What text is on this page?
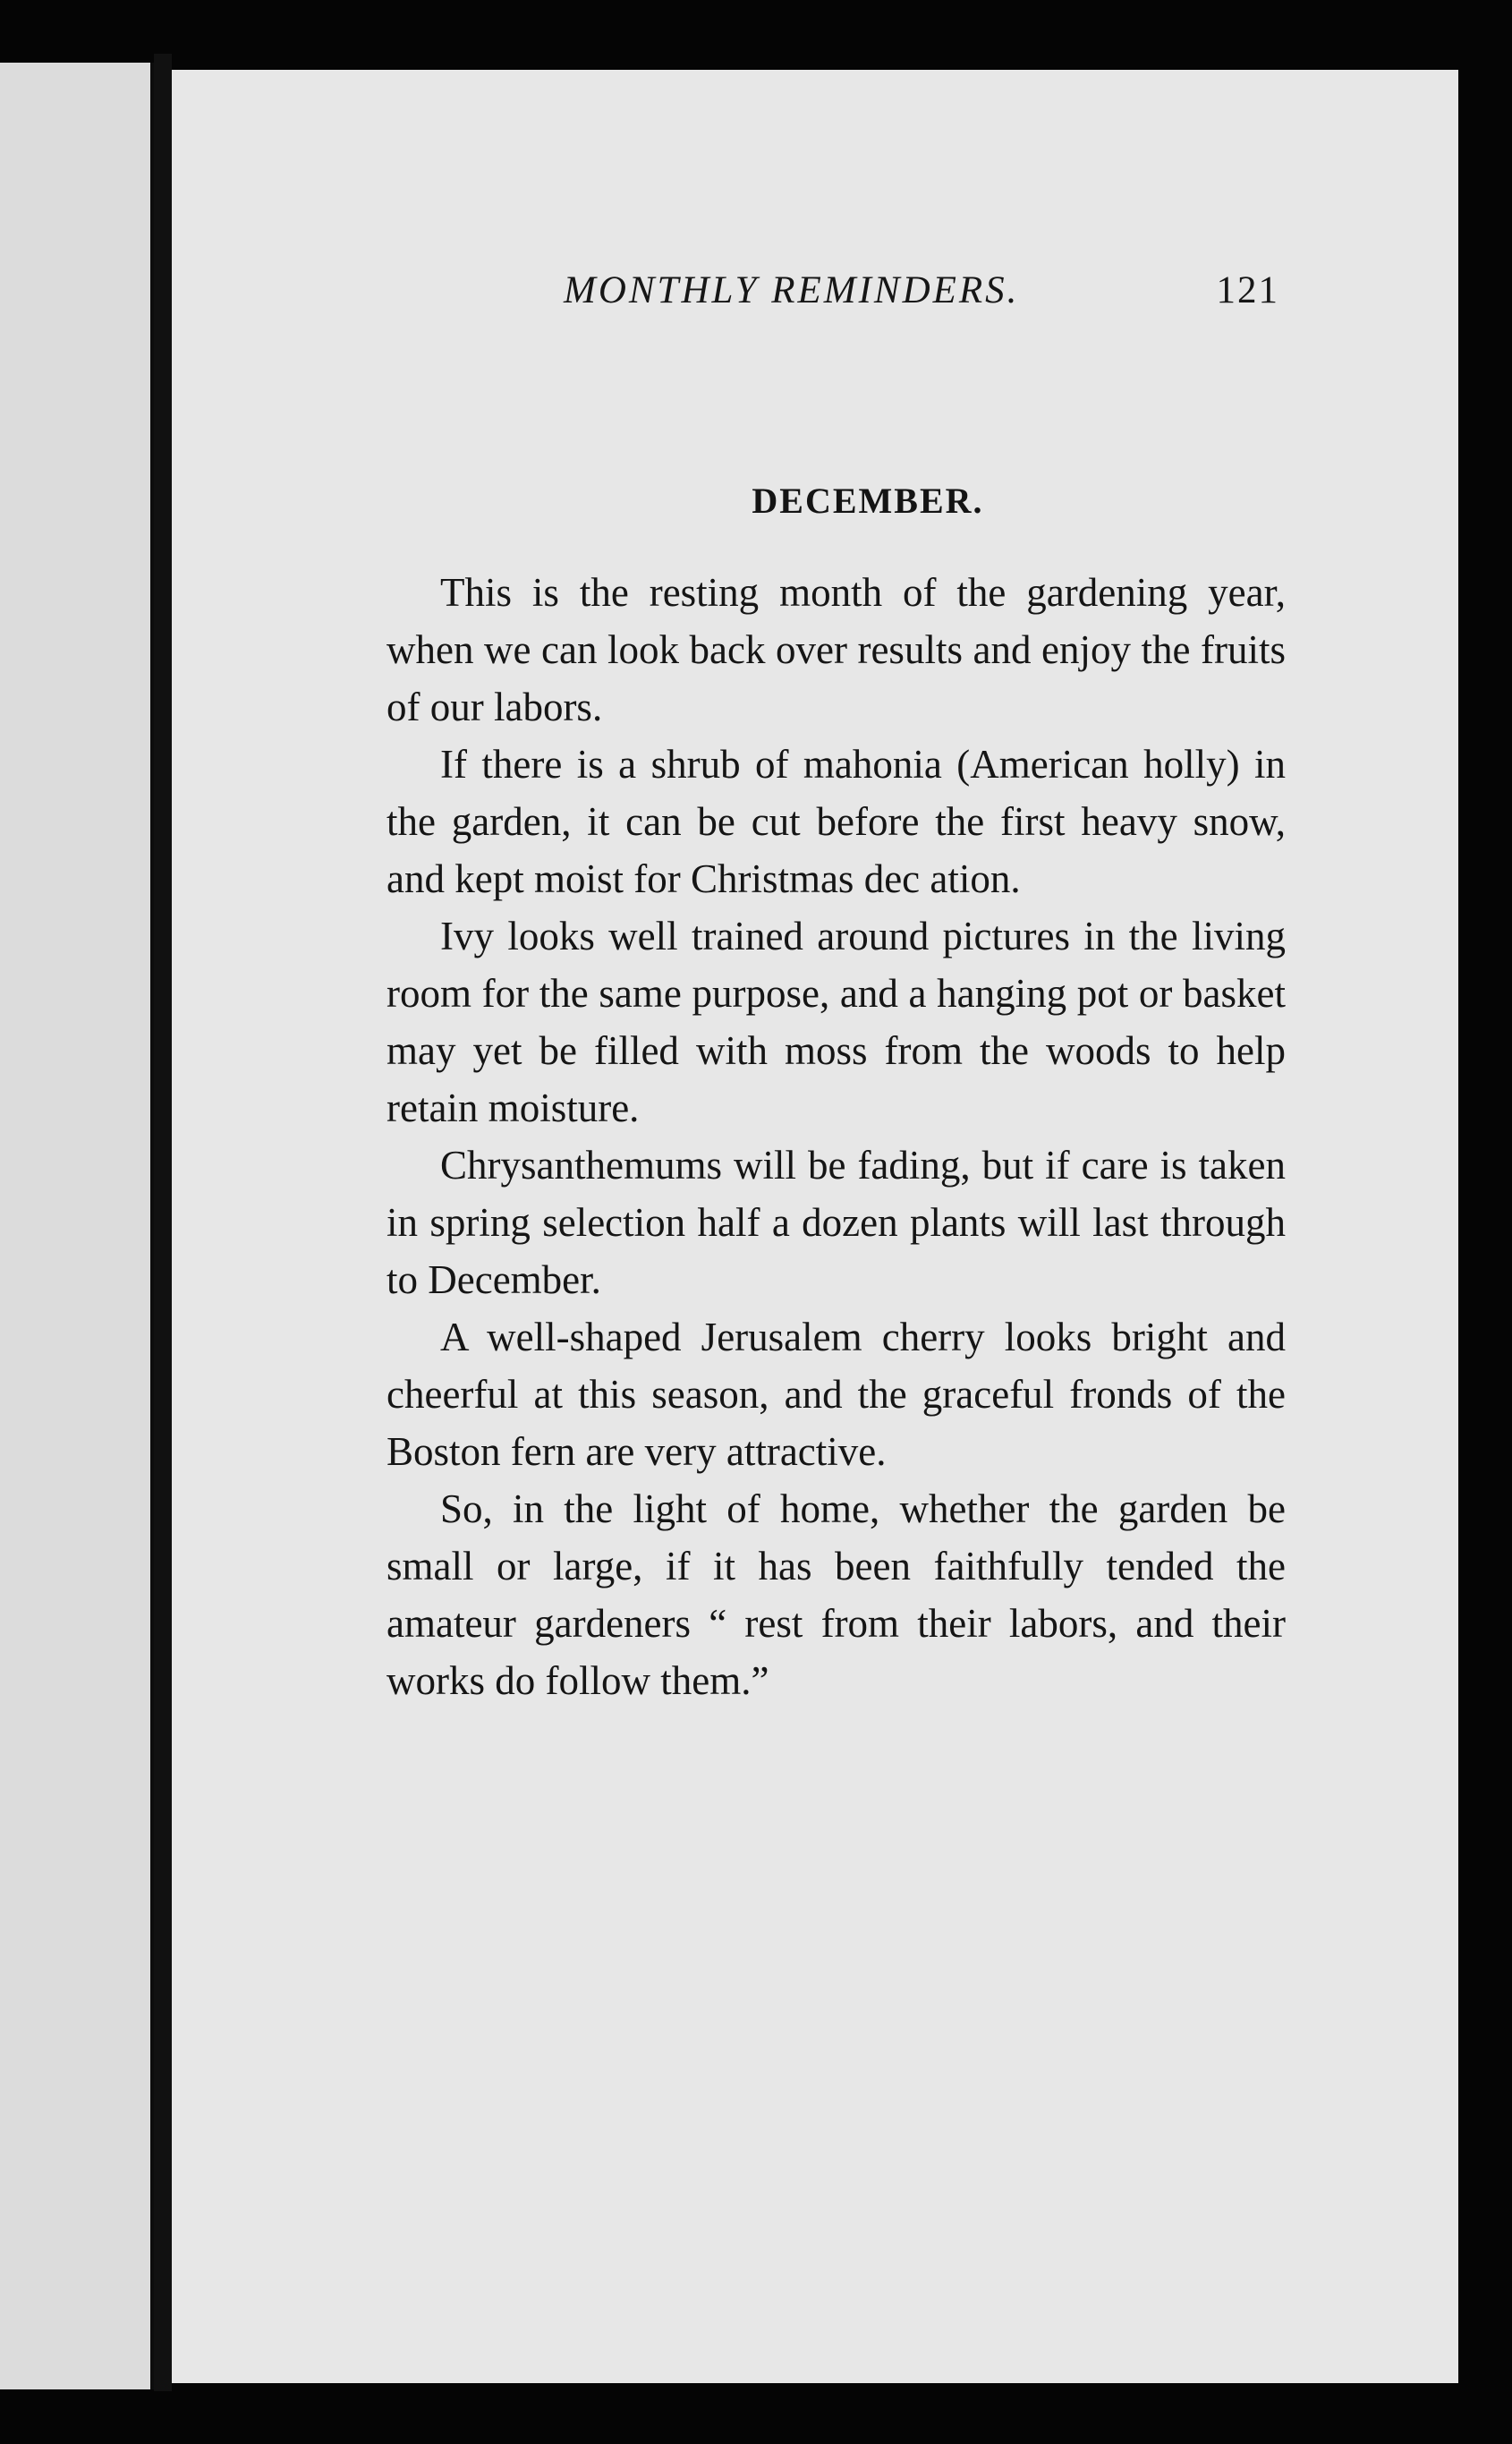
MONTHLY REMINDERS.	121
DECEMBER.

This is the resting month of the gardening year, when we can look back over results and enjoy the fruits of our labors.

If there is a shrub of mahonia (American holly) in the garden, it can be cut before the first heavy snow, and kept moist for Christmas dec ation.

Ivy looks well trained around pictures in the living room for the same purpose, and a hanging pot or basket may yet be filled with moss from the woods to help retain moisture.

Chrysanthemums will be fading, but if care is taken in spring selection half a dozen plants will last through to December.

A well-shaped Jerusalem cherry looks bright and cheerful at this season, and the graceful fronds of the Boston fern are very attractive.

So, in the light of home, whether the garden be small or large, if it has been faithfully tended the amateur gardeners “ rest from their labors, and their works do follow them.”
